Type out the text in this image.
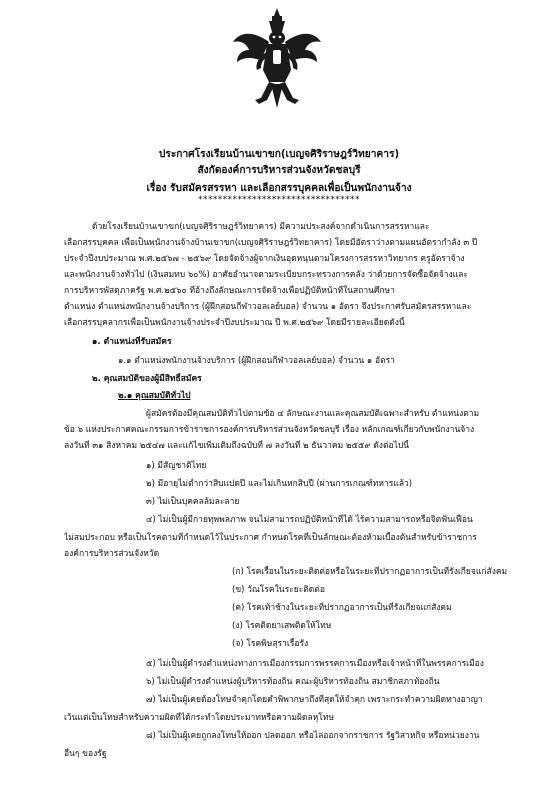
ประกาศโรงเรียนบ้านเขาขก(เบญจศิริราษฎร์วิทยาคาร)
สังกัดองค์การบริหารส่วนจังหวัดชลบุรี
เรื่อง รับสมัครสรรหา และเลือกสรรบุคคลเพื่อเป็นพนักงานจ้าง
*********************************
ด้วยโรงเรียนบ้านเขาขก(เบญจศิริราษฎร์วิทยาคาร) มีความประสงค์จากดำเนินการสรรหาและ
เลือกสรรบุคคล เพื่อเป็นพนักงานจ้างบ้านเขาขก(เบญจศิริราษฎร์วิทยาคาร) โดยมีอัตราว่างตามแผนอัตรากำลัง ๓ ปี
ประจำปีงบประมาณ พ.ศ.๒๕๖๗ - ๒๕๖๙ โดยจัดจ้างผู้จากเงินอุดหนุนตามโครงการสรรหาวิทยากร ครูอัตราจ้าง
และพนักงานจ้างทั่วไป (เงินสมทบ ๖๐%) อาศัยอำนาจตามระเบียบกระทรวงการคลัง ว่าด้วยการจัดซื้อจัดจ้างและ
การบริหารพัสดุภาครัฐ พ.ศ.๒๕๖๐ ที่อ้างถึงลักษณะการจัดจ้างเพื่อปฏิบัติหน้าที่ในสถานศึกษา
ตำแหน่ง ตำแหน่งพนักงานจ้างบริการ (ผู้ฝึกสอนกีฬาวอลเลย์บอล) จำนวน ๑ อัตรา จึงประกาศรับสมัครสรรหาและ
เลือกสรรบุคลากรเพื่อเป็นพนักงานจ้างประจำปีงบประมาณ ปี พ.ศ.๒๕๖๙ โดยมีรายละเอียดดังนี้
๑. ตำแหน่งที่รับสมัคร
๑.๑ ตำแหน่งพนักงานจ้างบริการ (ผู้ฝึกสอนกีฬาวอลเลย์บอล) จำนวน ๑ อัตรา
๒. คุณสมบัติของผู้มีสิทธิ์สมัคร
๒.๑ คุณสมบัติทั่วไป
ผู้สมัครต้องมีคุณสมบัติทั่วไปตามข้อ ๔ ลักษณะงานและคุณสมบัติเฉพาะสำหรับ ตำแหน่งตาม
ข้อ ๖ แห่งประกาศคณะกรรมการข้าราชการองค์การบริหารส่วนจังหวัดชลบุรี เรื่อง หลักเกณฑ์เกี่ยวกับพนักงานจ้าง
ลงวันที่ ๓๑ สิงหาคม ๒๕๔๗ และแก้ไขเพิ่มเติมถึงฉบับที่ ๗ ลงวันที่ ๒ ธันวาคม ๒๕๕๙ ดังต่อไปนี้
๑) มีสัญชาติไทย
๒) มีอายุไม่ต่ำกว่าสิบแปดปี และไม่เกินหกสิบปี (ผ่านการเกณฑ์ทหารแล้ว)
๓) ไม่เป็นบุคคลล้มละลาย
๔) ไม่เป็นผู้มีกายทุพพลภาพ จนไม่สามารถปฏิบัติหน้าที่ได้ ไร้ความสามารถหรือจิตฟั่นเฟือน
ไม่สมประกอบ หรือเป็นโรคตามที่กำหนดไว้ในประกาศ กำหนดโรคที่เป็นลักษณะต้องห้ามเบื้องต้นสำหรับข้าราชการ
องค์การบริหารส่วนจังหวัด
(ก) โรคเรื้อนในระยะติดต่อหรือในระยะที่ปรากฏอาการเป็นที่รังเกียจแก่สังคม
(ข) วัณโรคในระยะติดต่อ
(ค) โรคเท้าช้างในระยะที่ปรากฏอาการเป็นที่รังเกียจแก่สังคม
(ง) โรคติดยาเสพติดให้โทษ
(จ) โรคพิษสุราเรื้อรัง
๕) ไม่เป็นผู้ดำรงตำแหน่งทางการเมืองกรรมการพรรคการเมืองหรือเจ้าหน้าที่ในพรรคการเมือง
๖) ไม่เป็นผู้ดำรงตำแหน่งผู้บริหารท้องถิ่น คณะผู้บริหารท้องถิ่น สมาชิกสภาท้องถิ่น
๗) ไม่เป็นผู้เคยต้องโทษจำคุกโดยคำพิพากษาถึงที่สุดให้จำคุก เพราะกระทำความผิดทางอาญา
เว้นแต่เป็นโทษสำหรับความผิดที่ได้กระทำโดยประมาทหรือความผิดลหุโทษ
๘) ไม่เป็นผู้เคยถูกลงโทษให้ออก ปลดออก หรือไล่ออกจากราชการ รัฐวิสาหกิจ หรือหน่วยงาน
อื่นๆ ของรัฐ
